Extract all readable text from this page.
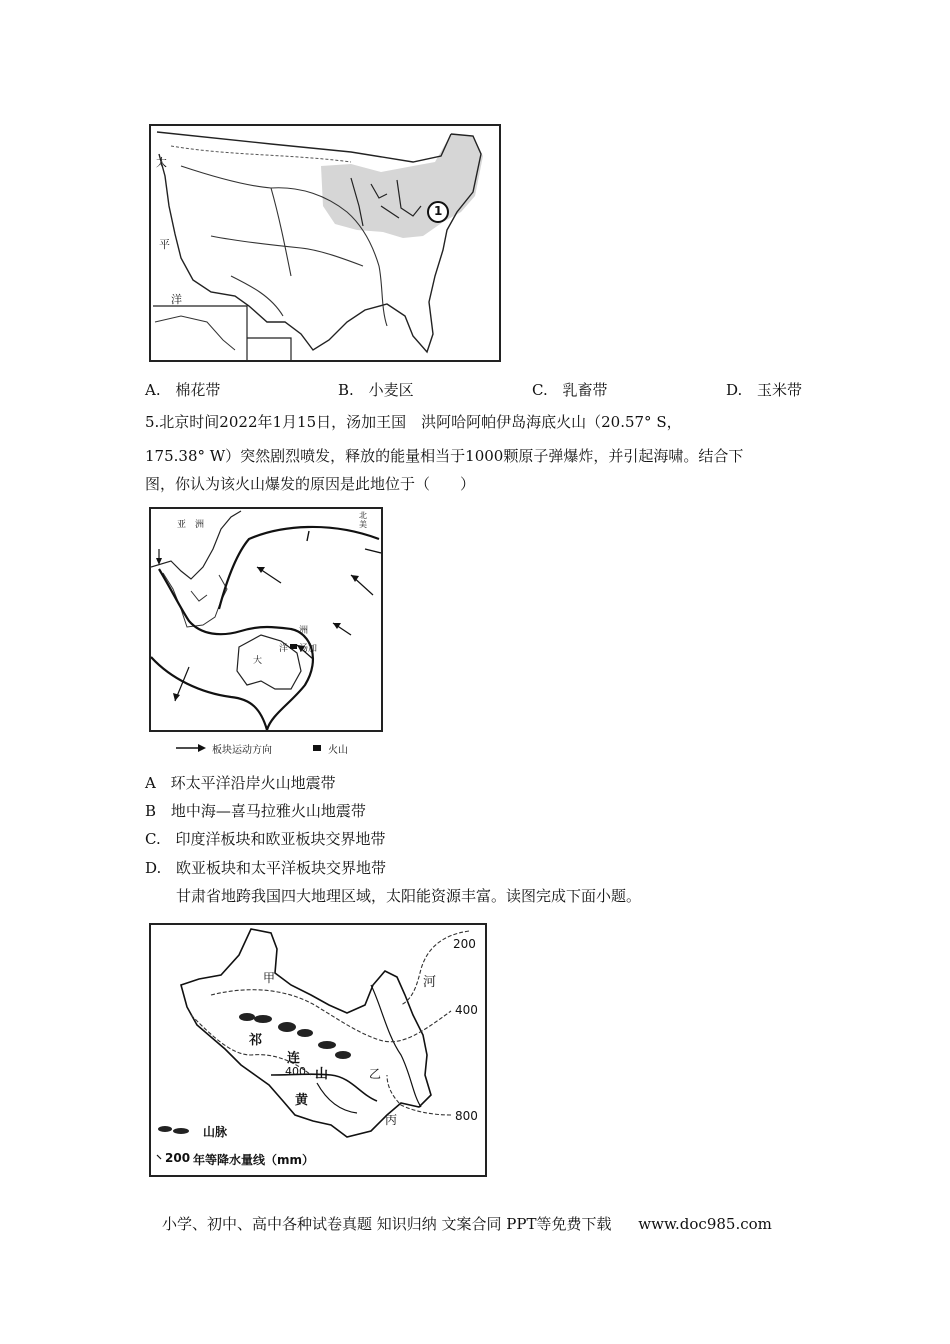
太
平
洋
1
A. 棉花带	B. 小麦区	C. 乳畜带	D. 玉米带
5.北京时间2022年1月15日，汤加王国　洪阿哈阿帕伊岛海底火山（20.57° S，
175.38° W）突然剧烈喷发，释放的能量相当于1000颗原子弹爆炸，并引起海啸。结合下
图，你认为该火山爆发的原因是此地位于（　　）
亚　洲
北美
洲
洋
大
汤加
板块运动方向	火山
A 环太平洋沿岸火山地震带
B 地中海—喜马拉雅火山地震带
C. 印度洋板块和欧亚板块交界地带
D. 欧亚板块和太平洋板块交界地带
甘肃省地跨我国四大地理区域，太阳能资源丰富。读图完成下面小题。
甲	河
祁
连
400 山	乙
黄
丙
200
400
800
山脉
200 年等降水量线（mm）
小学、初中、高中各种试卷真题 知识归纳 文案合同 PPT等免费下载 www.doc985.com
